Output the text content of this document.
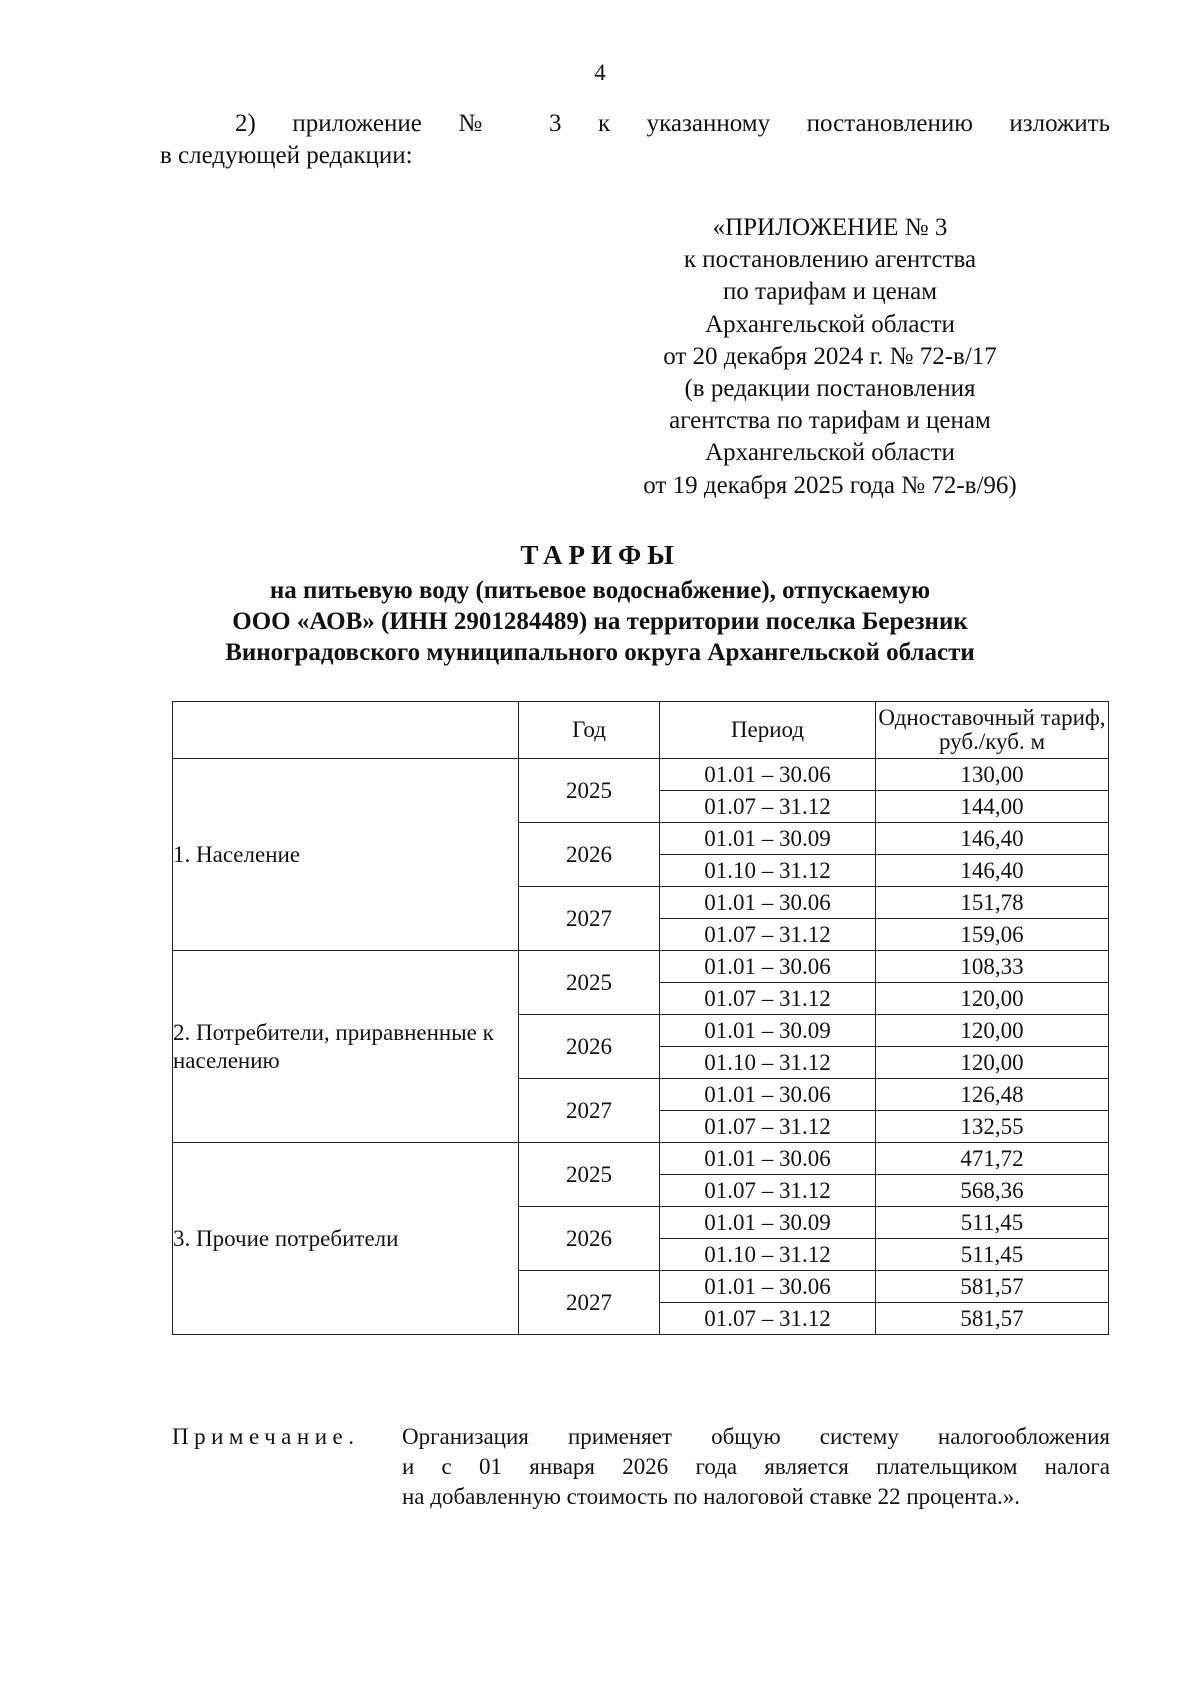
4
2) приложение № 3 к указанному постановлению изложить
в следующей редакции:
«ПРИЛОЖЕНИЕ № 3
к постановлению агентства
по тарифам и ценам
Архангельской области
от 20 декабря 2024 г. № 72-в/17
(в редакции постановления
агентства по тарифам и ценам
Архангельской области
от 19 декабря 2025 года № 72-в/96)
ТАРИФЫ
на питьевую воду (питьевое водоснабжение), отпускаемую
ООО «АОВ» (ИНН 2901284489) на территории поселка Березник
Виноградовского муниципального округа Архангельской области
	Год	Период	Одноставочный тариф, руб./куб. м
1. Население	2025	01.01 – 30.06	130,00
		01.07 – 31.12	144,00
	2026	01.01 – 30.09	146,40
		01.10 – 31.12	146,40
	2027	01.01 – 30.06	151,78
		01.07 – 31.12	159,06
2. Потребители, приравненные к населению	2025	01.01 – 30.06	108,33
		01.07 – 31.12	120,00
	2026	01.01 – 30.09	120,00
		01.10 – 31.12	120,00
	2027	01.01 – 30.06	126,48
		01.07 – 31.12	132,55
3. Прочие потребители	2025	01.01 – 30.06	471,72
		01.07 – 31.12	568,36
	2026	01.01 – 30.09	511,45
		01.10 – 31.12	511,45
	2027	01.01 – 30.06	581,57
		01.07 – 31.12	581,57
Примечание. Организация применяет общую систему налогообложения
и с 01 января 2026 года является плательщиком налога
на добавленную стоимость по налоговой ставке 22 процента.».
